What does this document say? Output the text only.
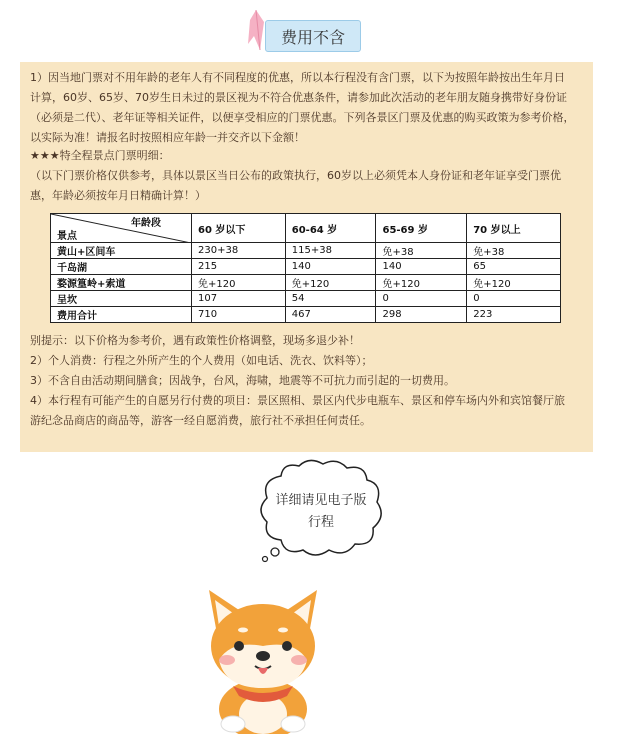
费用不含

1）因当地门票对不用年龄的老年人有不同程度的优惠，所以本行程没有含门票，以下为按照年龄按出生年月日计算，60岁、65岁、70岁生日未过的景区视为不符合优惠条件，请参加此次活动的老年朋友随身携带好身份证（必须是二代）、老年证等相关证件，以便享受相应的门票优惠。下列各景区门票及优惠的购买政策为参考价格，以实际为准！请报名时按照相应年龄一并交齐以下金额！

★★★特全程景点门票明细：

（以下门票价格仅供参考，具体以景区当日公布的政策执行，60岁以上必须凭本人身份证和老年证享受门票优惠，年龄必须按年月日精确计算！）

年龄段
景点	60 岁以下	60-64 岁	65-69 岁	70 岁以上
黄山+区间车	230+38	115+38	免+38	免+38
千岛湖	215	140	140	65
婺源篁岭+索道	免+120	免+120	免+120	免+120
呈坎	107	54	0	0
费用合计	710	467	298	223

别提示：以下价格为参考价，遇有政策性价格调整，现场多退少补！

2）个人消费：行程之外所产生的个人费用（如电话、洗衣、饮料等）；

3）不含自由活动期间膳食；因战争，台风，海啸，地震等不可抗力而引起的一切费用。

4）本行程有可能产生的自愿另行付费的项目：景区照相、景区内代步电瓶车、景区和停车场内外和宾馆餐厅旅游纪念品商店的商品等，游客一经自愿消费，旅行社不承担任何责任。

详细请见电子版
行程
